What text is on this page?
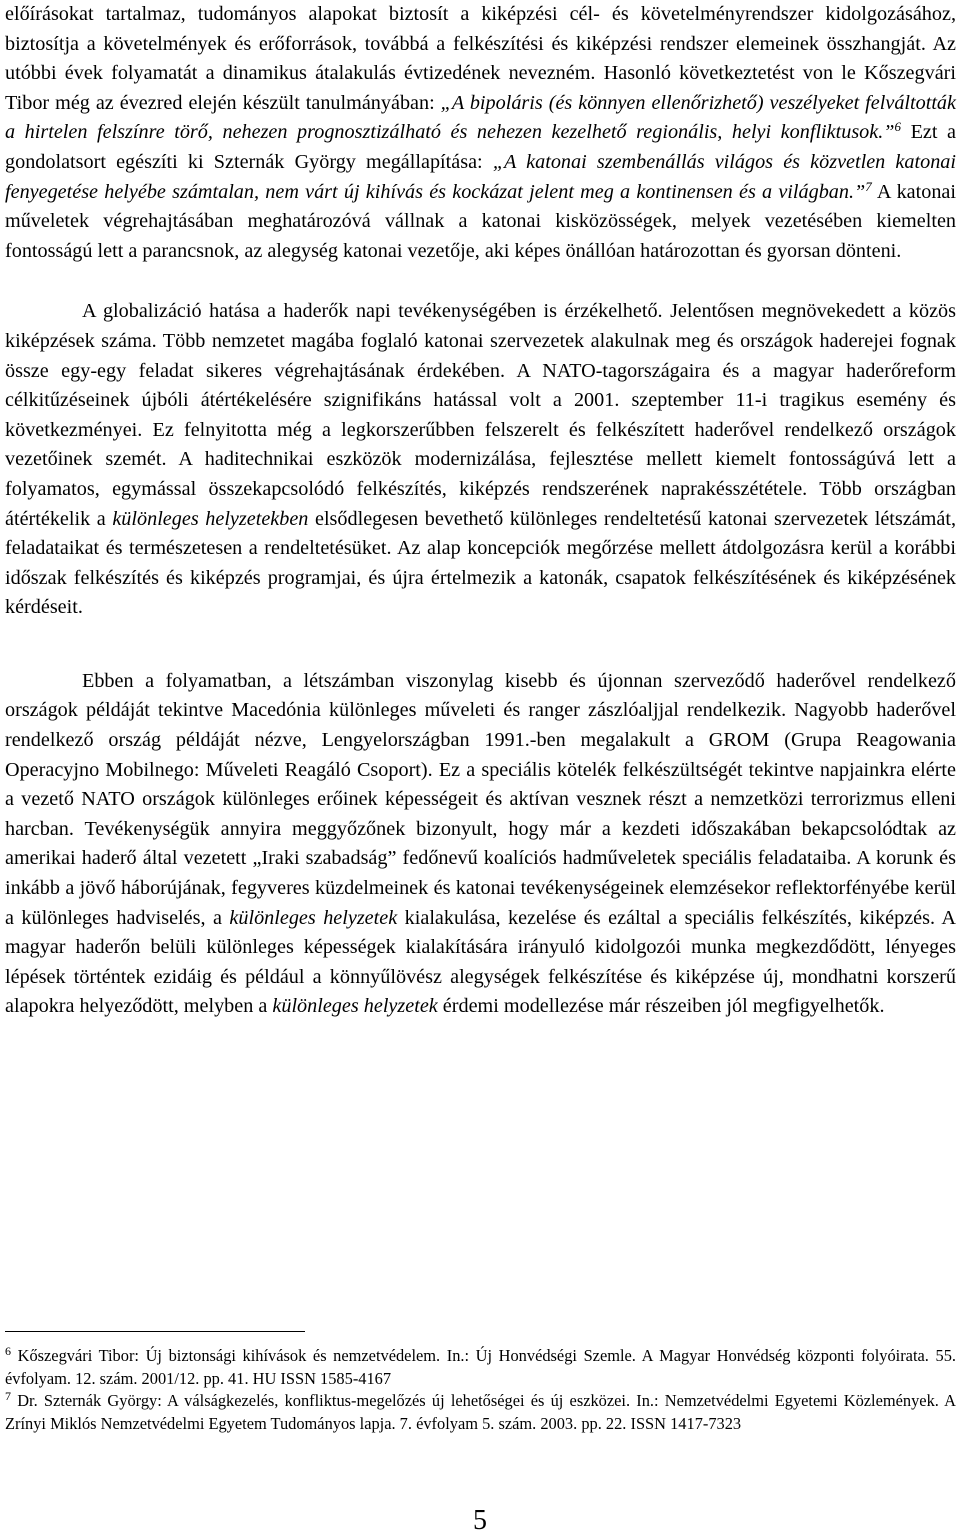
előírásokat tartalmaz, tudományos alapokat biztosít a kiképzési cél- és követelményrendszer kidolgozásához, biztosítja a követelmények és erőforrások, továbbá a felkészítési és kiképzési rendszer elemeinek összhangját. Az utóbbi évek folyamatát a dinamikus átalakulás évtizedének nevezném. Hasonló következtetést von le Kőszegvári Tibor még az évezred elején készült tanulmányában: „A bipoláris (és könnyen ellenőrizhető) veszélyeket felváltották a hirtelen felszínre törő, nehezen prognosztizálható és nehezen kezelhető regionális, helyi konfliktusok.”$^6$ Ezt a gondolatsort egészíti ki Szternák György megállapítása: „A katonai szembenállás világos és közvetlen katonai fenyegetése helyébe számtalan, nem várt új kihívás és kockázat jelent meg a kontinensen és a világban.”$^7$ A katonai műveletek végrehajtásában meghatározóvá vállnak a katonai kisközösségek, melyek vezetésében kiemelten fontosságú lett a parancsnok, az alegység katonai vezetője, aki képes önállóan határozottan és gyorsan dönteni.

A globalizáció hatása a haderők napi tevékenységében is érzékelhető. Jelentősen megnövekedett a közös kiképzések száma. Több nemzetet magába foglaló katonai szervezetek alakulnak meg és országok haderejei fognak össze egy-egy feladat sikeres végrehajtásának érdekében. A NATO-tagországaira és a magyar haderőreform célkitűzéseinek újbóli átértékelésére szignifikáns hatással volt a 2001. szeptember 11-i tragikus esemény és következményei. Ez felnyitotta még a legkorszerűbben felszerelt és felkészített haderővel rendelkező országok vezetőinek szemét. A haditechnikai eszközök modernizálása, fejlesztése mellett kiemelt fontosságúvá lett a folyamatos, egymással összekapcsolódó felkészítés, kiképzés rendszerének naprakésszététele. Több országban átértékelik a különleges helyzetekben elsődlegesen bevethető különleges rendeltetésű katonai szervezetek létszámát, feladataikat és természetesen a rendeltetésüket. Az alap koncepciók megőrzése mellett átdolgozásra kerül a korábbi időszak felkészítés és kiképzés programjai, és újra értelmezik a katonák, csapatok felkészítésének és kiképzésének kérdéseit.

Ebben a folyamatban, a létszámban viszonylag kisebb és újonnan szerveződő haderővel rendelkező országok példáját tekintve Macedónia különleges műveleti és ranger zászlóaljjal rendelkezik. Nagyobb haderővel rendelkező ország példáját nézve, Lengyelországban 1991.-ben megalakult a GROM (Grupa Reagowania Operacyjno Mobilnego: Műveleti Reagáló Csoport). Ez a speciális kötelék felkészültségét tekintve napjainkra elérte a vezető NATO országok különleges erőinek képességeit és aktívan vesznek részt a nemzetközi terrorizmus elleni harcban. Tevékenységük annyira meggyőzőnek bizonyult, hogy már a kezdeti időszakában bekapcsolódtak az amerikai haderő által vezetett „Iraki szabadság” fedőnevű koalíciós hadműveletek speciális feladataiba. A korunk és inkább a jövő háborújának, fegyveres küzdelmeinek és katonai tevékenységeinek elemzésekor reflektorfényébe kerül a különleges hadviselés, a különleges helyzetek kialakulása, kezelése és ezáltal a speciális felkészítés, kiképzés. A magyar haderőn belüli különleges képességek kialakítására irányuló kidolgozói munka megkezdődött, lényeges lépések történtek ezidáig és például a könnyűlövész alegységek felkészítése és kiképzése új, mondhatni korszerű alapokra helyeződött, melyben a különleges helyzetek érdemi modellezése már részeiben jól megfigyelhetők.

$^6$ Kőszegvári Tibor: Új biztonsági kihívások és nemzetvédelem. In.: Új Honvédségi Szemle. A Magyar Honvédség központi folyóirata. 55. évfolyam. 12. szám. 2001/12. pp. 41. HU ISSN 1585-4167

$^7$ Dr. Szternák György: A válságkezelés, konfliktus-megelőzés új lehetőségei és új eszközei. In.: Nemzetvédelmi Egyetemi Közlemények. A Zrínyi Miklós Nemzetvédelmi Egyetem Tudományos lapja. 7. évfolyam 5. szám. 2003. pp. 22. ISSN 1417-7323

5
